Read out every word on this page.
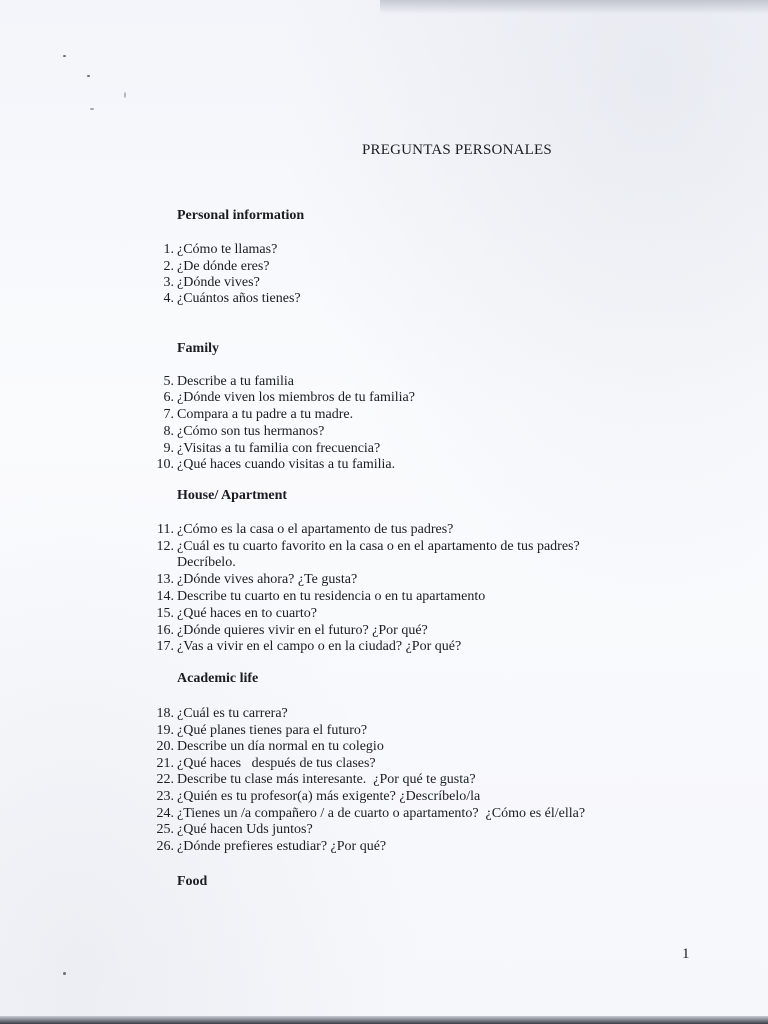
PREGUNTAS PERSONALES
Personal information
1. ¿Cómo te llamas?
2. ¿De dónde eres?
3. ¿Dónde vives?
4. ¿Cuántos años tienes?
Family
5. Describe a tu familia
6. ¿Dónde viven los miembros de tu familia?
7. Compara a tu padre a tu madre.
8. ¿Cómo son tus hermanos?
9. ¿Visitas a tu familia con frecuencia?
10. ¿Qué haces cuando visitas a tu familia.
House/ Apartment
11. ¿Cómo es la casa o el apartamento de tus padres?
12. ¿Cuál es tu cuarto favorito en la casa o en el apartamento de tus padres?
Decríbelo.
13. ¿Dónde vives ahora? ¿Te gusta?
14. Describe tu cuarto en tu residencia o en tu apartamento
15. ¿Qué haces en to cuarto?
16. ¿Dónde quieres vivir en el futuro? ¿Por qué?
17. ¿Vas a vivir en el campo o en la ciudad? ¿Por qué?
Academic life
18. ¿Cuál es tu carrera?
19. ¿Qué planes tienes para el futuro?
20. Describe un día normal en tu colegio
21. ¿Qué haces   después de tus clases?
22. Describe tu clase más interesante.  ¿Por qué te gusta?
23. ¿Quién es tu profesor(a) más exigente? ¿Descríbelo/la
24. ¿Tienes un /a compañero / a de cuarto o apartamento?  ¿Cómo es él/ella?
25. ¿Qué hacen Uds juntos?
26. ¿Dónde prefieres estudiar? ¿Por qué?
Food
1
